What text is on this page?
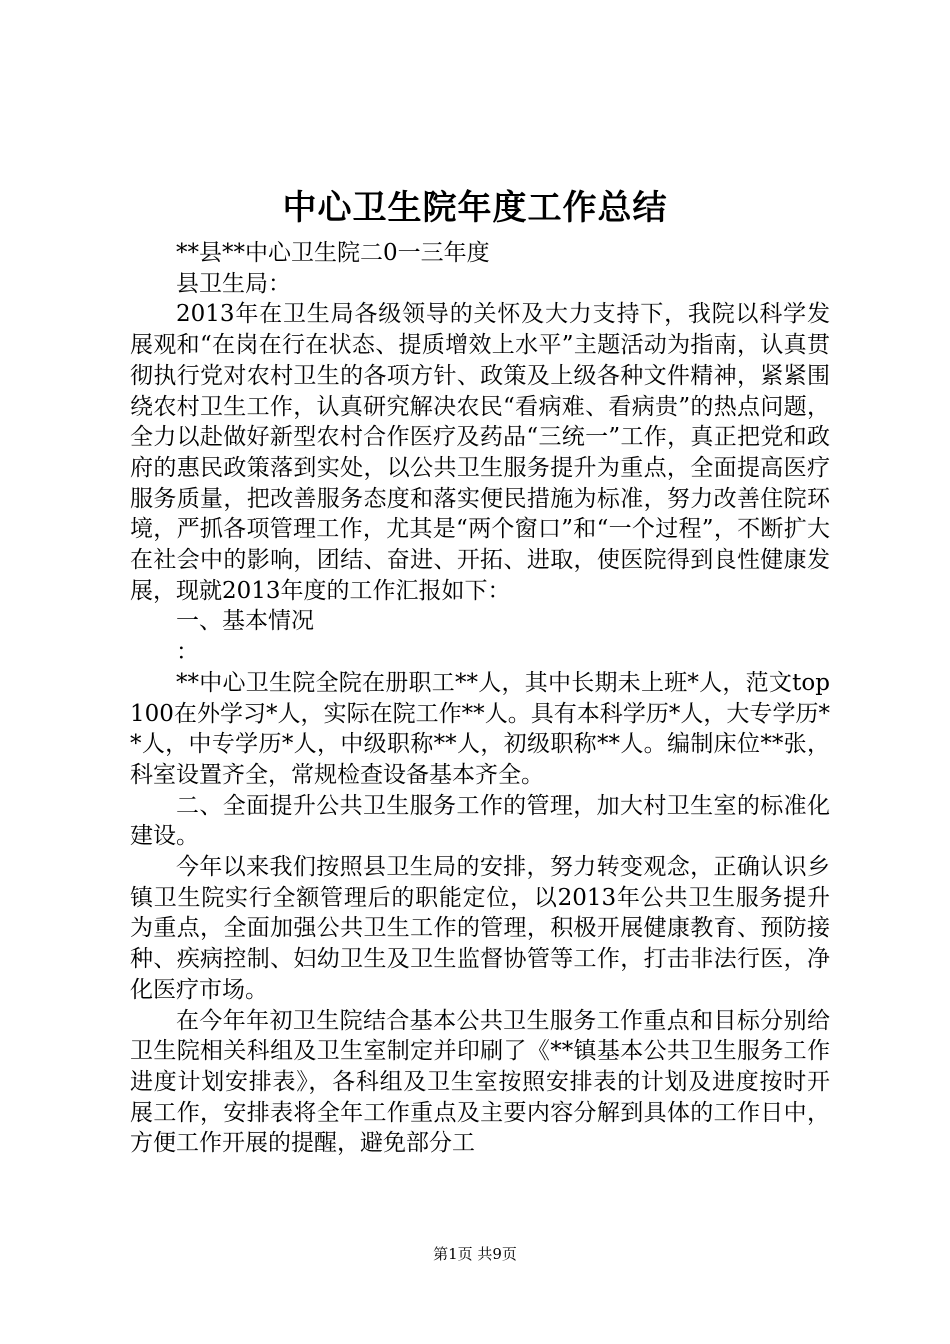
中心卫生院年度工作总结

**县**中心卫生院二0一三年度

县卫生局：

2013年在卫生局各级领导的关怀及大力支持下，我院以科学发展观和“在岗在行在状态、提质增效上水平”主题活动为指南，认真贯彻执行党对农村卫生的各项方针、政策及上级各种文件精神，紧紧围绕农村卫生工作，认真研究解决农民“看病难、看病贵”的热点问题，全力以赴做好新型农村合作医疗及药品“三统一”工作，真正把党和政府的惠民政策落到实处，以公共卫生服务提升为重点，全面提高医疗服务质量，把改善服务态度和落实便民措施为标准，努力改善住院环境，严抓各项管理工作，尤其是“两个窗口”和“一个过程”，不断扩大在社会中的影响，团结、奋进、开拓、进取，使医院得到良性健康发展，现就2013年度的工作汇报如下：

一、基本情况

：

**中心卫生院全院在册职工**人，其中长期未上班*人，范文top100在外学习*人，实际在院工作**人。具有本科学历*人，大专学历**人，中专学历*人，中级职称**人，初级职称**人。编制床位**张，科室设置齐全，常规检查设备基本齐全。

二、全面提升公共卫生服务工作的管理，加大村卫生室的标准化建设。

今年以来我们按照县卫生局的安排，努力转变观念，正确认识乡镇卫生院实行全额管理后的职能定位，以2013年公共卫生服务提升为重点，全面加强公共卫生工作的管理，积极开展健康教育、预防接种、疾病控制、妇幼卫生及卫生监督协管等工作，打击非法行医，净化医疗市场。

在今年年初卫生院结合基本公共卫生服务工作重点和目标分别给卫生院相关科组及卫生室制定并印刷了《**镇基本公共卫生服务工作进度计划安排表》，各科组及卫生室按照安排表的计划及进度按时开展工作，安排表将全年工作重点及主要内容分解到具体的工作日中，方便工作开展的提醒，避免部分工

第1页 共9页
